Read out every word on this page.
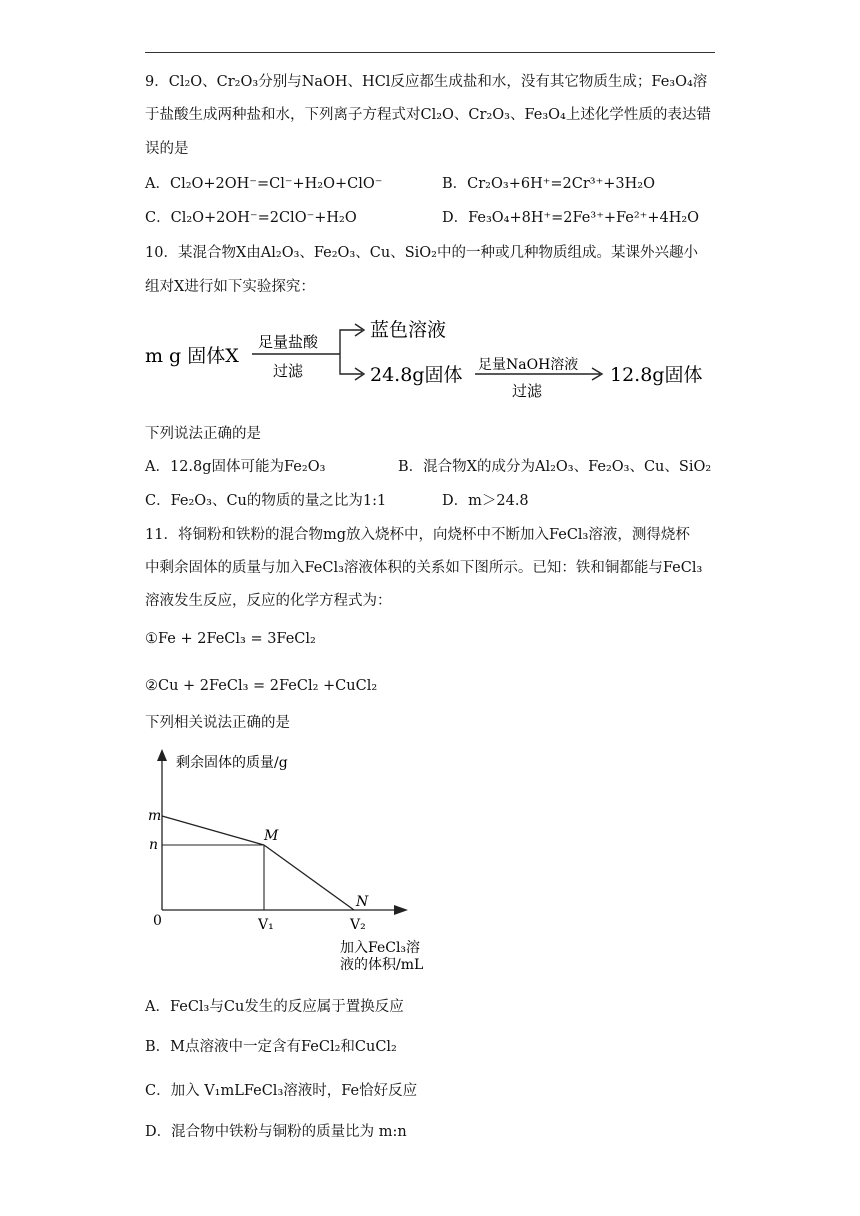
9．Cl₂O、Cr₂O₃分别与NaOH、HCl反应都生成盐和水，没有其它物质生成；Fe₃O₄溶
于盐酸生成两种盐和水，下列离子方程式对Cl₂O、Cr₂O₃、Fe₃O₄上述化学性质的表达错
误的是
A．Cl₂O+2OH⁻=Cl⁻+H₂O+ClO⁻	B．Cr₂O₃+6H⁺=2Cr³⁺+3H₂O
C．Cl₂O+2OH⁻=2ClO⁻+H₂O	D．Fe₃O₄+8H⁺=2Fe³⁺+Fe²⁺+4H₂O
10．某混合物X由Al₂O₃、Fe₂O₃、Cu、SiO₂中的一种或几种物质组成。某课外兴趣小
组对X进行如下实验探究：
m g 固体X
足量盐酸
过滤
蓝色溶液
24.8g固体 足量NaOH溶液
过滤
12.8g固体
下列说法正确的是
A．12.8g固体可能为Fe₂O₃	B．混合物X的成分为Al₂O₃、Fe₂O₃、Cu、SiO₂
C．Fe₂O₃、Cu的物质的量之比为1:1	D．m＞24.8
11．将铜粉和铁粉的混合物mg放入烧杯中，向烧杯中不断加入FeCl₃溶液，测得烧杯
中剩余固体的质量与加入FeCl₃溶液体积的关系如下图所示。已知：铁和铜都能与FeCl₃
溶液发生反应，反应的化学方程式为：
①Fe + 2FeCl₃ = 3FeCl₂
②Cu + 2FeCl₃ = 2FeCl₂ +CuCl₂
下列相关说法正确的是
剩余固体的质量/g
m
n
0	V₁	V₂
M
N
加入FeCl₃溶
液的体积/mL
A．FeCl₃与Cu发生的反应属于置换反应
B．M点溶液中一定含有FeCl₂和CuCl₂
C．加入 V₁mLFeCl₃溶液时，Fe恰好反应
D．混合物中铁粉与铜粉的质量比为 m:n
